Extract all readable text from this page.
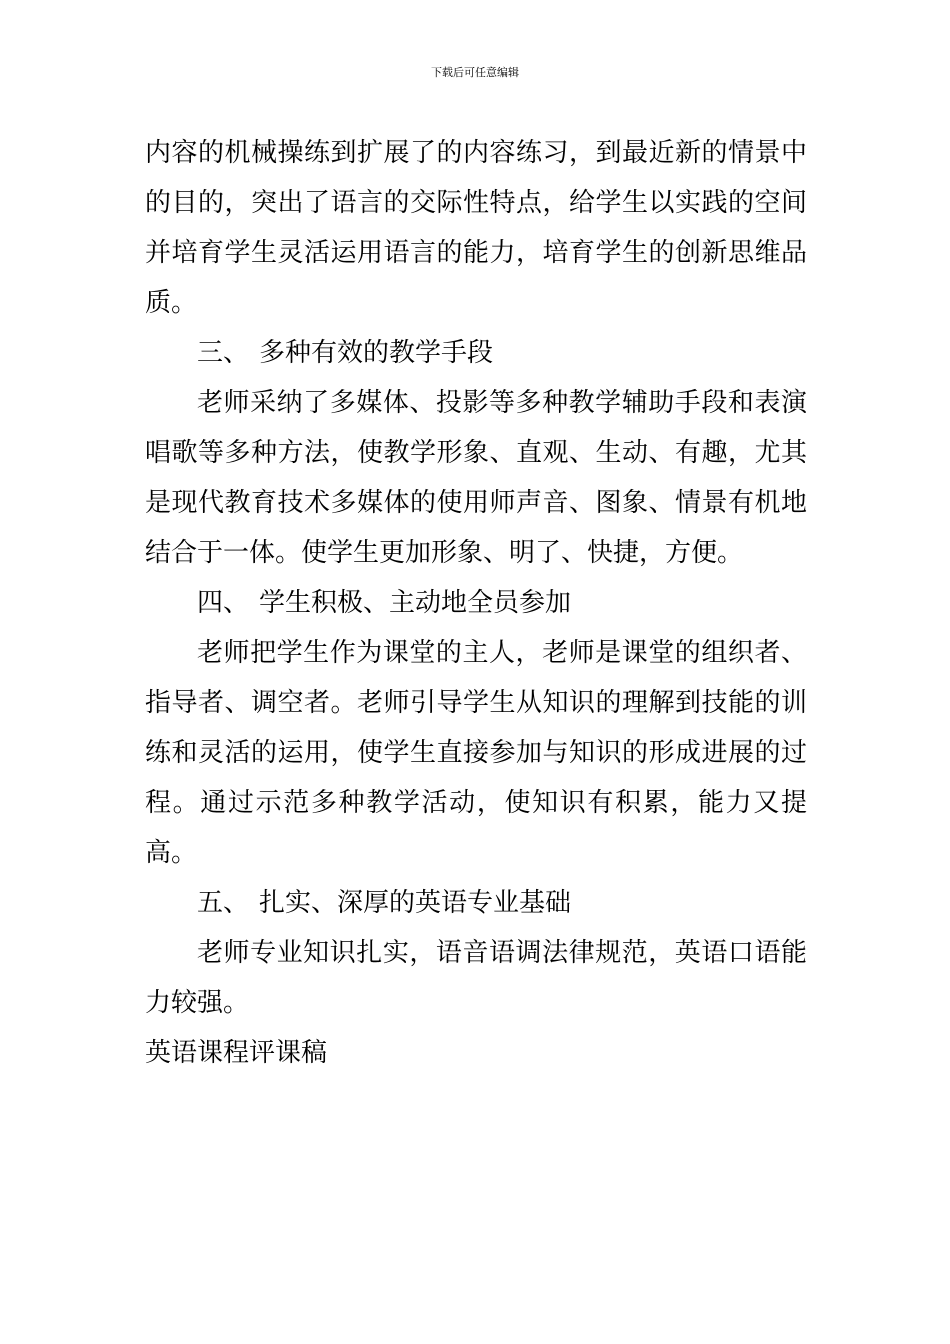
下载后可任意编辑

内容的机械操练到扩展了的内容练习，到最近新的情景中的目的，突出了语言的交际性特点，给学生以实践的空间并培育学生灵活运用语言的能力，培育学生的创新思维品质。

三、 多种有效的教学手段

老师采纳了多媒体、投影等多种教学辅助手段和表演唱歌等多种方法，使教学形象、直观、生动、有趣，尤其是现代教育技术多媒体的使用师声音、图象、情景有机地结合于一体。使学生更加形象、明了、快捷，方便。

四、 学生积极、主动地全员参加

老师把学生作为课堂的主人，老师是课堂的组织者、指导者、调空者。老师引导学生从知识的理解到技能的训练和灵活的运用，使学生直接参加与知识的形成进展的过程。通过示范多种教学活动，使知识有积累，能力又提高。

五、 扎实、深厚的英语专业基础

老师专业知识扎实，语音语调法律规范，英语口语能力较强。

英语课程评课稿
